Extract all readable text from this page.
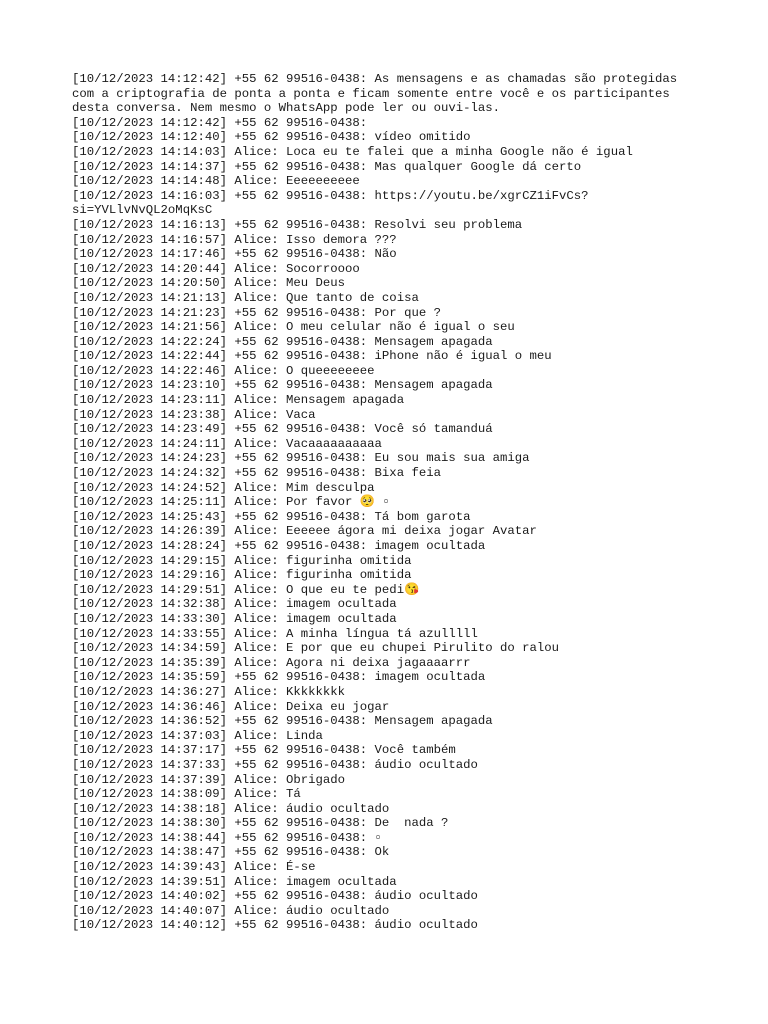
[10/12/2023 14:12:42] +55 62 99516-0438: As mensagens e as chamadas são protegidas
com a criptografia de ponta a ponta e ficam somente entre você e os participantes
desta conversa. Nem mesmo o WhatsApp pode ler ou ouvi-las.
[10/12/2023 14:12:42] +55 62 99516-0438:
[10/12/2023 14:12:40] +55 62 99516-0438: vídeo omitido
[10/12/2023 14:14:03] Alice: Loca eu te falei que a minha Google não é igual
[10/12/2023 14:14:37] +55 62 99516-0438: Mas qualquer Google dá certo
[10/12/2023 14:14:48] Alice: Eeeeeeeeee
[10/12/2023 14:16:03] +55 62 99516-0438: https://youtu.be/xgrCZ1iFvCs?
si=YVLlvNvQL2oMqKsC
[10/12/2023 14:16:13] +55 62 99516-0438: Resolvi seu problema
[10/12/2023 14:16:57] Alice: Isso demora ???
[10/12/2023 14:17:46] +55 62 99516-0438: Não
[10/12/2023 14:20:44] Alice: Socorroooo
[10/12/2023 14:20:50] Alice: Meu Deus
[10/12/2023 14:21:13] Alice: Que tanto de coisa
[10/12/2023 14:21:23] +55 62 99516-0438: Por que ?
[10/12/2023 14:21:56] Alice: O meu celular não é igual o seu
[10/12/2023 14:22:24] +55 62 99516-0438: Mensagem apagada
[10/12/2023 14:22:44] +55 62 99516-0438: iPhone não é igual o meu
[10/12/2023 14:22:46] Alice: O queeeeeeee
[10/12/2023 14:23:10] +55 62 99516-0438: Mensagem apagada
[10/12/2023 14:23:11] Alice: Mensagem apagada
[10/12/2023 14:23:38] Alice: Vaca
[10/12/2023 14:23:49] +55 62 99516-0438: Você só tamanduá
[10/12/2023 14:24:11] Alice: Vacaaaaaaaaaa
[10/12/2023 14:24:23] +55 62 99516-0438: Eu sou mais sua amiga
[10/12/2023 14:24:32] +55 62 99516-0438: Bixa feia
[10/12/2023 14:24:52] Alice: Mim desculpa
[10/12/2023 14:25:11] Alice: Por favor 🥺 ▫
[10/12/2023 14:25:43] +55 62 99516-0438: Tá bom garota
[10/12/2023 14:26:39] Alice: Eeeeee ágora mi deixa jogar Avatar
[10/12/2023 14:28:24] +55 62 99516-0438: imagem ocultada
[10/12/2023 14:29:15] Alice: figurinha omitida
[10/12/2023 14:29:16] Alice: figurinha omitida
[10/12/2023 14:29:51] Alice: O que eu te pedi😘
[10/12/2023 14:32:38] Alice: imagem ocultada
[10/12/2023 14:33:30] Alice: imagem ocultada
[10/12/2023 14:33:55] Alice: A minha língua tá azulllll
[10/12/2023 14:34:59] Alice: E por que eu chupei Pirulito do ralou
[10/12/2023 14:35:39] Alice: Agora ni deixa jagaaaarrr
[10/12/2023 14:35:59] +55 62 99516-0438: imagem ocultada
[10/12/2023 14:36:27] Alice: Kkkkkkkk
[10/12/2023 14:36:46] Alice: Deixa eu jogar
[10/12/2023 14:36:52] +55 62 99516-0438: Mensagem apagada
[10/12/2023 14:37:03] Alice: Linda
[10/12/2023 14:37:17] +55 62 99516-0438: Você também
[10/12/2023 14:37:33] +55 62 99516-0438: áudio ocultado
[10/12/2023 14:37:39] Alice: Obrigado
[10/12/2023 14:38:09] Alice: Tá
[10/12/2023 14:38:18] Alice: áudio ocultado
[10/12/2023 14:38:30] +55 62 99516-0438: De  nada ?
[10/12/2023 14:38:44] +55 62 99516-0438: ▫
[10/12/2023 14:38:47] +55 62 99516-0438: Ok
[10/12/2023 14:39:43] Alice: É-se
[10/12/2023 14:39:51] Alice: imagem ocultada
[10/12/2023 14:40:02] +55 62 99516-0438: áudio ocultado
[10/12/2023 14:40:07] Alice: áudio ocultado
[10/12/2023 14:40:12] +55 62 99516-0438: áudio ocultado
